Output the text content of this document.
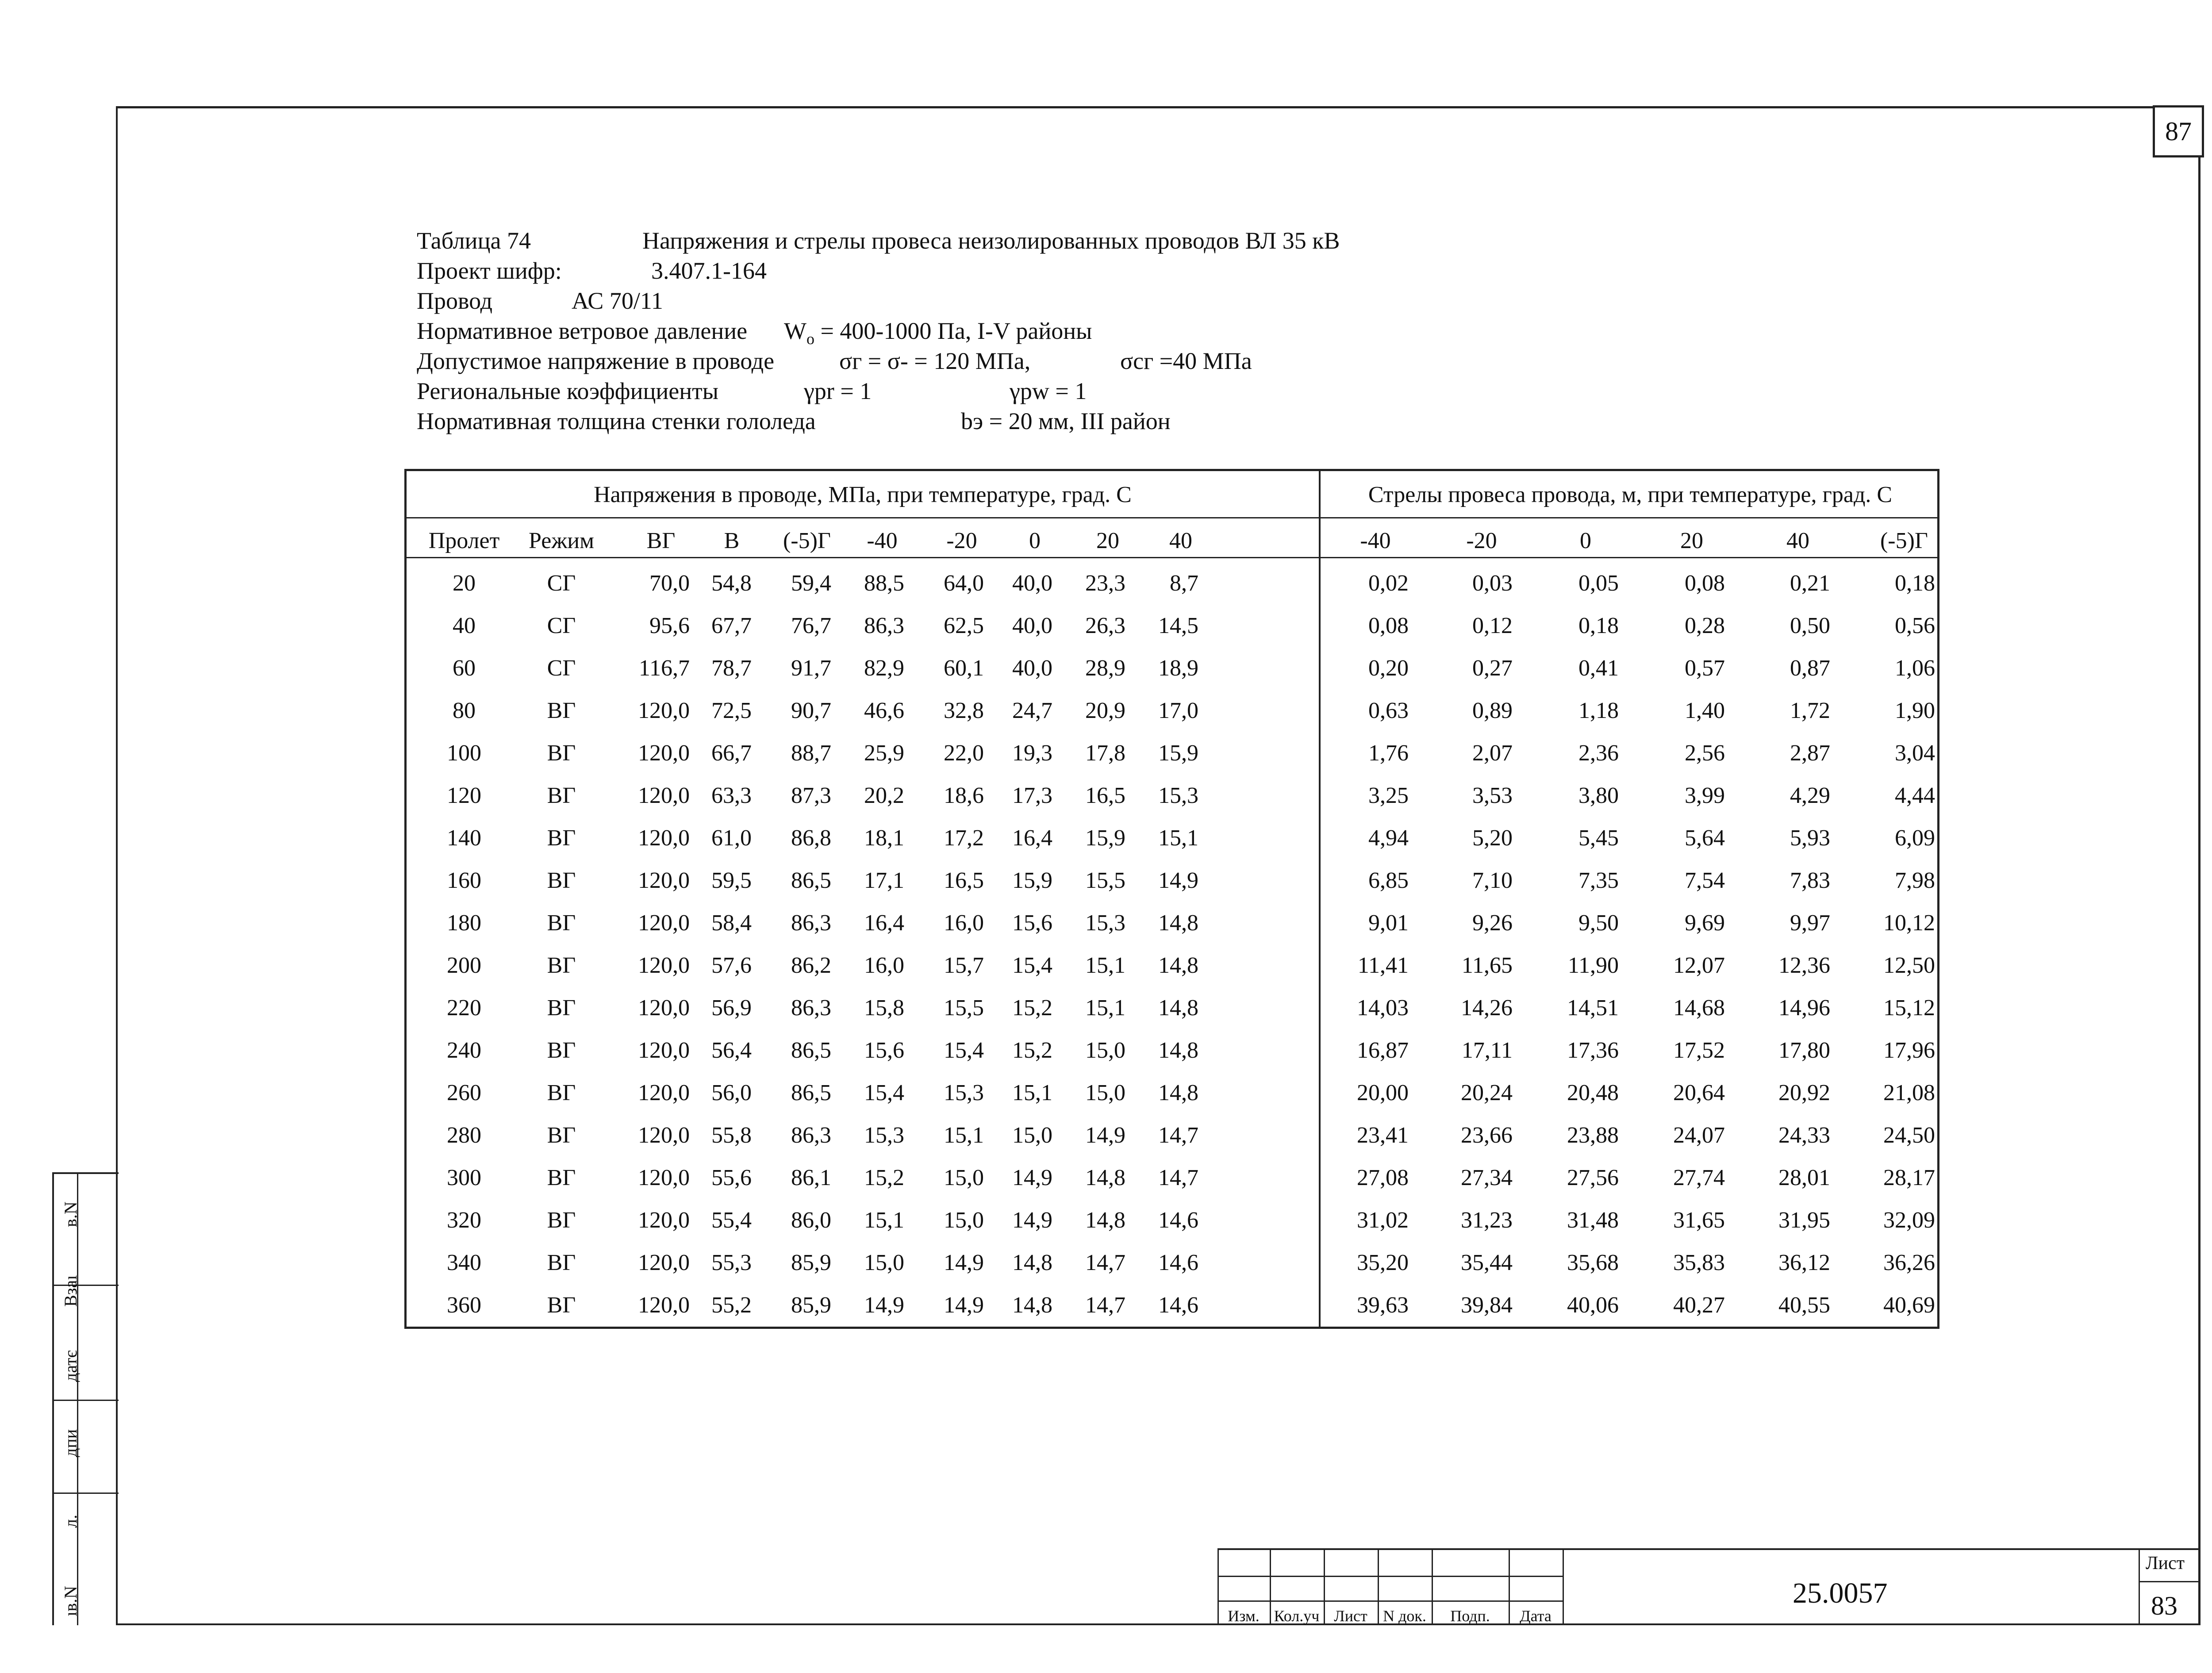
87
Таблица 74	Напряжения и стрелы провеса неизолированных проводов ВЛ 35 кВ
Проект шифр:	3.407.1-164
Провод	АС 70/11
Нормативное ветровое давление $W_o = 400-1000$ Па, I-V районы
Допустимое напряжение в проводе	σг = σ- = 120 МПа,	σсг =40 МПа
Региональные коэффициенты	γpr = 1	γpw = 1
Нормативная толщина стенки гололеда	bэ = 20 мм, III район
Напряжения в проводе, МПа, при температуре, град. С	Стрелы провеса провода, м, при температуре, град. С
Пролет	Режим	ВГ	В	(-5)Г	-40	-20	0	20	40	-40	-20	0	20	40	(-5)Г
20	СГ	70,0 54,8	59,4	88,5	64,0	40,0	23,3	8,7	0,02	0,03	0,05	0,08	0,21	0,18
40	СГ	95,6 67,7	76,7	86,3	62,5	40,0	26,3	14,5	0,08	0,12	0,18	0,28	0,50	0,56
60	СГ	116,7 78,7	91,7	82,9	60,1	40,0	28,9	18,9	0,20	0,27	0,41	0,57	0,87	1,06
80	ВГ	120,0 72,5	90,7	46,6	32,8	24,7	20,9	17,0	0,63	0,89	1,18	1,40	1,72	1,90
100	ВГ	120,0 66,7	88,7	25,9	22,0	19,3	17,8	15,9	1,76	2,07	2,36	2,56	2,87	3,04
120	ВГ	120,0 63,3	87,3	20,2	18,6	17,3	16,5	15,3	3,25	3,53	3,80	3,99	4,29	4,44
140	ВГ	120,0 61,0	86,8	18,1	17,2	16,4	15,9	15,1	4,94	5,20	5,45	5,64	5,93	6,09
160	ВГ	120,0 59,5	86,5	17,1	16,5	15,9	15,5	14,9	6,85	7,10	7,35	7,54	7,83	7,98
180	ВГ	120,0 58,4	86,3	16,4	16,0	15,6	15,3	14,8	9,01	9,26	9,50	9,69	9,97	10,12
200	ВГ	120,0 57,6	86,2	16,0	15,7	15,4	15,1	14,8	11,41	11,65	11,90	12,07	12,36	12,50
220	ВГ	120,0 56,9	86,3	15,8	15,5	15,2	15,1	14,8	14,03	14,26	14,51	14,68	14,96	15,12
240	ВГ	120,0 56,4	86,5	15,6	15,4	15,2	15,0	14,8	16,87	17,11	17,36	17,52	17,80	17,96
260	ВГ	120,0 56,0	86,5	15,4	15,3	15,1	15,0	14,8	20,00	20,24	20,48	20,64	20,92	21,08
280	ВГ	120,0 55,8	86,3	15,3	15,1	15,0	14,9	14,7	23,41	23,66	23,88	24,07	24,33	24,50
300	ВГ	120,0 55,6	86,1	15,2	15,0	14,9	14,8	14,7	27,08	27,34	27,56	27,74	28,01	28,17
320	ВГ	120,0 55,4	86,0	15,1	15,0	14,9	14,8	14,6	31,02	31,23	31,48	31,65	31,95	32,09
340	ВГ	120,0 55,3	85,9	15,0	14,9	14,8	14,7	14,6	35,20	35,44	35,68	35,83	36,12	36,26
360	ВГ	120,0 55,2	85,9	14,9	14,9	14,8	14,7	14,6	39,63	39,84	40,06	40,27	40,55	40,69
в.N
Взаı
датє
дпи
л.
ıв.N	Изм. Кол.уч Лист N док.	Подп.	Дата
25.0057
Лист
83
